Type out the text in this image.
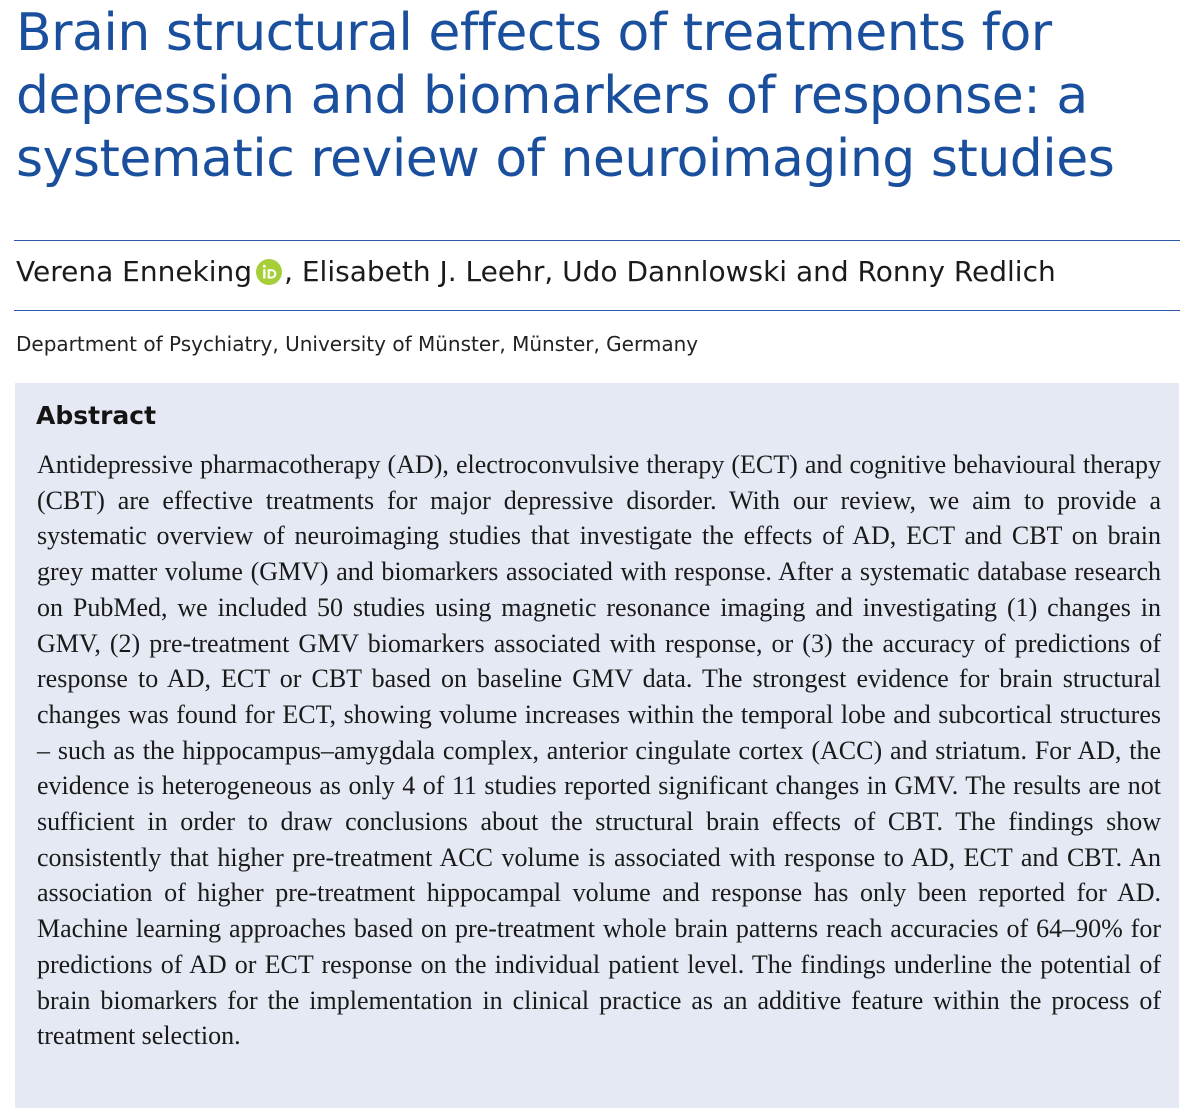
Brain structural effects of treatments for depression and biomarkers of response: a systematic review of neuroimaging studies

Verena Enneking , Elisabeth J. Leehr, Udo Dannlowski and Ronny Redlich

Department of Psychiatry, University of Münster, Münster, Germany

Abstract

Antidepressive pharmacotherapy (AD), electroconvulsive therapy (ECT) and cognitive behavioural therapy (CBT) are effective treatments for major depressive disorder. With our review, we aim to provide a systematic overview of neuroimaging studies that investigate the effects of AD, ECT and CBT on brain grey matter volume (GMV) and biomarkers associated with response. After a systematic database research on PubMed, we included 50 studies using magnetic resonance imaging and investigating (1) changes in GMV, (2) pre-treatment GMV biomarkers associated with response, or (3) the accuracy of predictions of response to AD, ECT or CBT based on baseline GMV data. The strongest evidence for brain structural changes was found for ECT, showing volume increases within the temporal lobe and subcortical structures – such as the hippocampus–amygdala complex, anterior cingulate cortex (ACC) and striatum. For AD, the evidence is heterogeneous as only 4 of 11 studies reported significant changes in GMV. The results are not sufficient in order to draw conclusions about the structural brain effects of CBT. The findings show consistently that higher pre-treatment ACC volume is associated with response to AD, ECT and CBT. An association of higher pre-treatment hippocampal volume and response has only been reported for AD. Machine learning approaches based on pre-treatment whole brain patterns reach accuracies of 64–90% for predictions of AD or ECT response on the individual patient level. The findings underline the potential of brain biomarkers for the implementation in clinical practice as an additive feature within the process of treatment selection.
